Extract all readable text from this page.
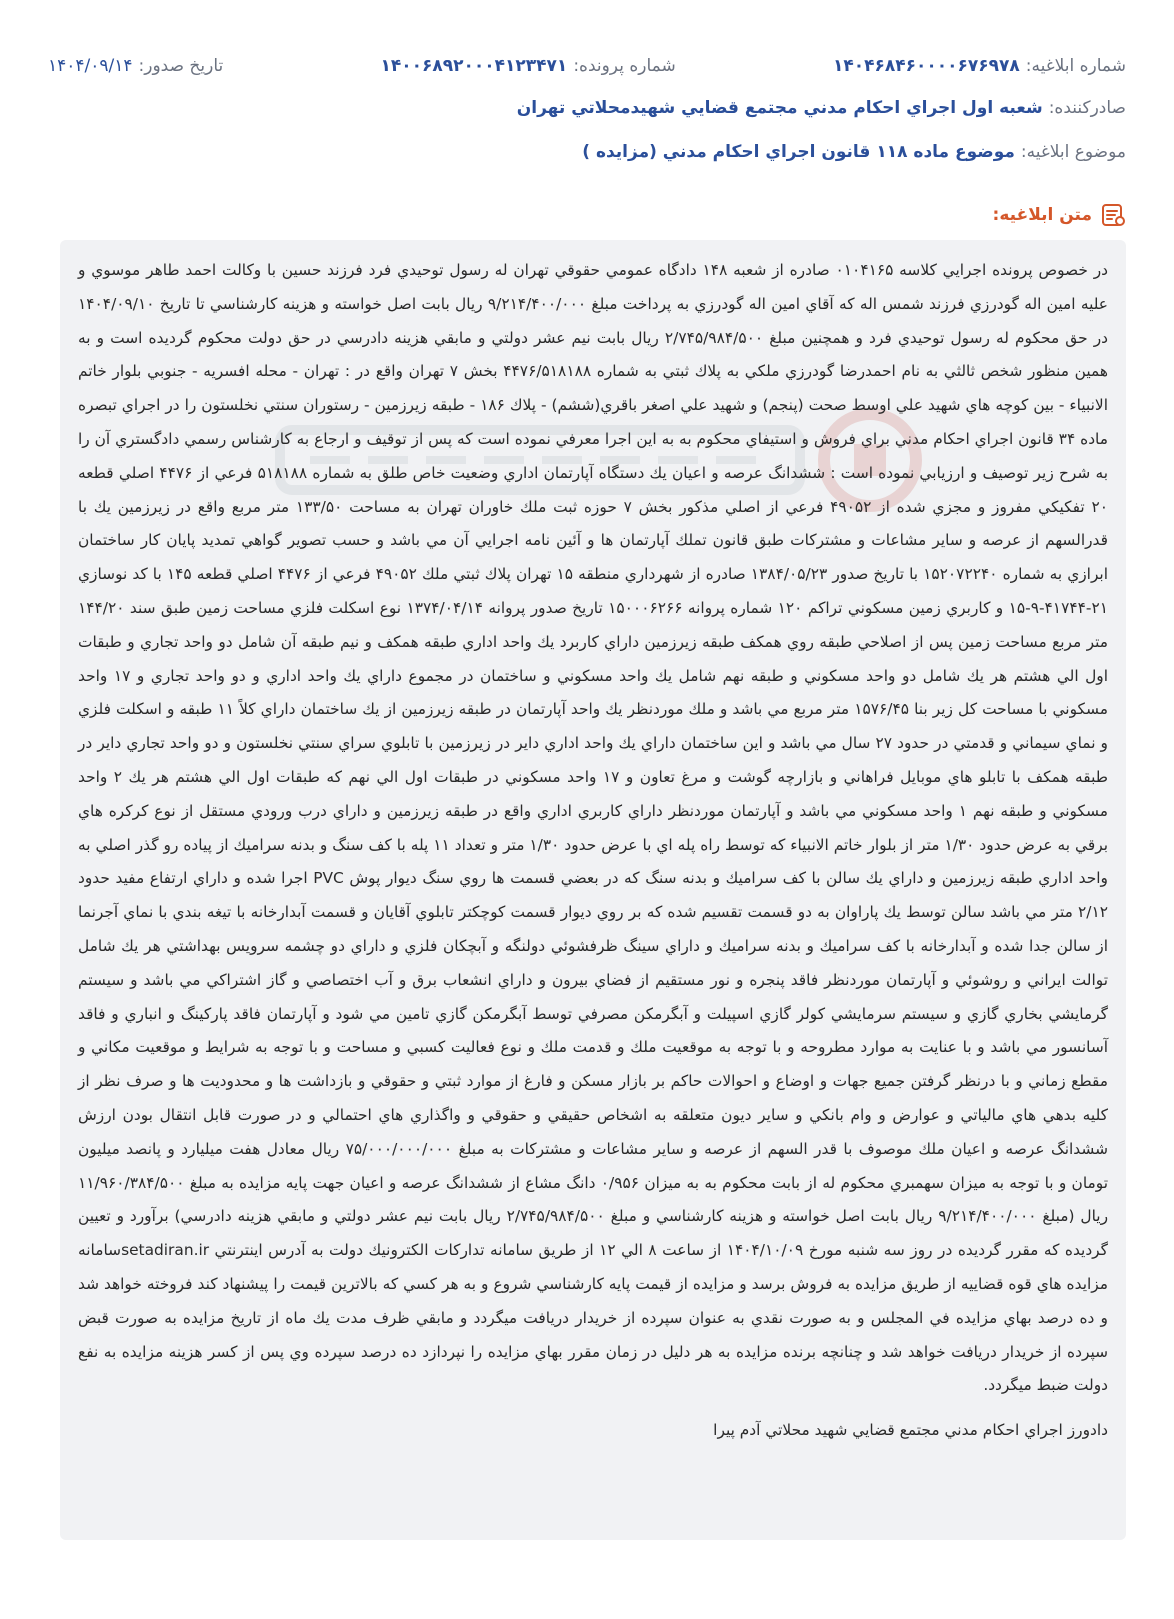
شماره ابلاغیه:
۱۴۰۴۶۸۴۶۰۰۰۰۶۷۶۹۷۸
شماره پرونده:
۱۴۰۰۶۸۹۲۰۰۰۴۱۲۳۴۷۱
تاریخ صدور:
۱۴۰۴/۰۹/۱۴
صادرکننده:
شعبه اول اجراي احكام مدني مجتمع قضايي شهيدمحلاتي تهران
موضوع ابلاغیه:
موضوع ماده ۱۱۸ قانون اجراي احكام مدني (مزايده )
متن ابلاغیه:

در خصوص پرونده اجرايي كلاسه ۰۱۰۴۱۶۵ صادره از شعبه ۱۴۸ دادگاه عمومي حقوقي تهران له رسول توحيدي فرد فرزند حسين با وكالت احمد طاهر موسوي و عليه امين اله گودرزي فرزند شمس اله كه آقاي امين اله گودرزي به پرداخت مبلغ ۹/۲۱۴/۴۰۰/۰۰۰ ريال بابت اصل خواسته و هزينه كارشناسي تا تاريخ ۱۴۰۴/۰۹/۱۰ در حق محكوم له رسول توحيدي فرد و همچنين مبلغ ۲/۷۴۵/۹۸۴/۵۰۰ ريال بابت نيم عشر دولتي و مابقي هزينه دادرسي در حق دولت محكوم گرديده است و به همين منظور شخص ثالثي به نام احمدرضا گودرزي ملكي به پلاك ثبتي به شماره ۴۴۷۶/۵۱۸۱۸۸ بخش ۷ تهران واقع در : تهران - محله افسريه - جنوبي بلوار خاتم الانبياء - بين كوچه هاي شهيد علي اوسط صحت (پنجم) و شهيد علي اصغر باقري(ششم) - پلاك ۱۸۶ - طبقه زيرزمين - رستوران سنتي نخلستون را در اجراي تبصره ماده ۳۴ قانون اجراي احكام مدني براي فروش و استيفاي محكوم به به اين اجرا معرفي نموده است كه پس از توقيف و ارجاع به كارشناس رسمي دادگستري آن را به شرح زير توصيف و ارزيابي نموده است : ششدانگ عرصه و اعيان يك دستگاه آپارتمان اداري وضعيت خاص طلق به شماره ۵۱۸۱۸۸ فرعي از ۴۴۷۶ اصلي قطعه ۲۰ تفكيكي مفروز و مجزي شده از ۴۹۰۵۲ فرعي از اصلي مذكور بخش ۷ حوزه ثبت ملك خاوران تهران به مساحت ۱۳۳/۵۰ متر مربع واقع در زيرزمين يك با قدرالسهم از عرصه و ساير مشاعات و مشتركات طبق قانون تملك آپارتمان ها و آئين نامه اجرايي آن مي باشد و حسب تصوير گواهي تمديد پايان كار ساختمان ابرازي به شماره ۱۵۲۰۷۲۲۴۰ با تاريخ صدور ۱۳۸۴/۰۵/۲۳ صادره از شهرداري منطقه ۱۵ تهران پلاك ثبتي ملك ۴۹۰۵۲ فرعي از ۴۴۷۶ اصلي قطعه ۱۴۵ با كد نوسازي ۲۱-۴۱۷۴۴-۹-۱۵ و كاربري زمين مسكوني تراكم ۱۲۰ شماره پروانه ۱۵۰۰۰۶۲۶۶ تاريخ صدور پروانه ۱۳۷۴/۰۴/۱۴ نوع اسكلت فلزي مساحت زمين طبق سند ۱۴۴/۲۰ متر مربع مساحت زمين پس از اصلاحي طبقه روي همكف طبقه زيرزمين داراي كاربرد يك واحد اداري طبقه همكف و نيم طبقه آن شامل دو واحد تجاري و طبقات اول الي هشتم هر يك شامل دو واحد مسكوني و طبقه نهم شامل يك واحد مسكوني و ساختمان در مجموع داراي يك واحد اداري و دو واحد تجاري و ۱۷ واحد مسكوني با مساحت كل زير بنا ۱۵۷۶/۴۵ متر مربع مي باشد و ملك موردنظر يك واحد آپارتمان در طبقه زيرزمين از يك ساختمان داراي كلاً ۱۱ طبقه و اسكلت فلزي و نماي سيماني و قدمتي در حدود ۲۷ سال مي باشد و اين ساختمان داراي يك واحد اداري داير در زيرزمين با تابلوي سراي سنتي نخلستون و دو واحد تجاري داير در طبقه همكف با تابلو هاي موبايل فراهاني و بازارچه گوشت و مرغ تعاون و ۱۷ واحد مسكوني در طبقات اول الي نهم كه طبقات اول الي هشتم هر يك ۲ واحد مسكوني و طبقه نهم ۱ واحد مسكوني مي باشد و آپارتمان موردنظر داراي كاربري اداري واقع در طبقه زيرزمين و داراي درب ورودي مستقل از نوع كركره هاي برقي به عرض حدود ۱/۳۰ متر از بلوار خاتم الانبياء كه توسط راه پله اي با عرض حدود ۱/۳۰ متر و تعداد ۱۱ پله با كف سنگ و بدنه سراميك از پياده رو گذر اصلي به واحد اداري طبقه زيرزمين و داراي يك سالن با كف سراميك و بدنه سنگ كه در بعضي قسمت ها روي سنگ ديوار پوش PVC اجرا شده و داراي ارتفاع مفيد حدود ۲/۱۲ متر مي باشد سالن توسط يك پاراوان به دو قسمت تقسيم شده كه بر روي ديوار قسمت كوچكتر تابلوي آقايان و قسمت آبدارخانه با تيغه بندي با نماي آجرنما از سالن جدا شده و آبدارخانه با كف سراميك و بدنه سراميك و داراي سينگ ظرفشوئي دولنگه و آبچكان فلزي و داراي دو چشمه سرويس بهداشتي هر يك شامل توالت ايراني و روشوئي و آپارتمان موردنظر فاقد پنجره و نور مستقيم از فضاي بيرون و داراي انشعاب برق و آب اختصاصي و گاز اشتراكي مي باشد و سيستم گرمايشي بخاري گازي و سيستم سرمايشي كولر گازي اسپيلت و آبگرمكن مصرفي توسط آبگرمكن گازي تامين مي شود و آپارتمان فاقد پاركينگ و انباري و فاقد آسانسور مي باشد و با عنايت به موارد مطروحه و با توجه به موقعيت ملك و قدمت ملك و نوع فعاليت كسبي و مساحت و با توجه به شرايط و موقعيت مكاني و مقطع زماني و با درنظر گرفتن جميع جهات و اوضاع و احوالات حاكم بر بازار مسكن و فارغ از موارد ثبتي و حقوقي و بازداشت ها و محدوديت ها و صرف نظر از كليه بدهي هاي مالياتي و عوارض و وام بانكي و ساير ديون متعلقه به اشخاص حقيقي و حقوقي و واگذاري هاي احتمالي و در صورت قابل انتقال بودن ارزش ششدانگ عرصه و اعيان ملك موصوف با قدر السهم از عرصه و ساير مشاعات و مشتركات به مبلغ ۷۵/۰۰۰/۰۰۰/۰۰۰ ريال معادل هفت ميليارد و پانصد ميليون تومان و با توجه به ميزان سهمبري محكوم له از بابت محكوم به به ميزان ۰/۹۵۶ دانگ مشاع از ششدانگ عرصه و اعيان جهت پايه مزايده به مبلغ ۱۱/۹۶۰/۳۸۴/۵۰۰ ريال (مبلغ ۹/۲۱۴/۴۰۰/۰۰۰ ريال بابت اصل خواسته و هزينه كارشناسي و مبلغ ۲/۷۴۵/۹۸۴/۵۰۰ ريال بابت نيم عشر دولتي و مابقي هزينه دادرسي) برآورد و تعيين گرديده كه مقرر گرديده در روز سه شنبه مورخ ۱۴۰۴/۱۰/۰۹ از ساعت ۸ الي ۱۲ از طريق سامانه تداركات الكترونيك دولت به آدرس اينترنتي setadiran.irسامانه مزايده هاي قوه قضاييه از طريق مزايده به فروش برسد و مزايده از قيمت پايه كارشناسي شروع و به هر كسي كه بالاترين قيمت را پيشنهاد كند فروخته خواهد شد و ده درصد بهاي مزايده في المجلس و به صورت نقدي به عنوان سپرده از خريدار دريافت ميگردد و مابقي ظرف مدت يك ماه از تاريخ مزايده به صورت قبض سپرده از خريدار دريافت خواهد شد و چنانچه برنده مزايده به هر دليل در زمان مقرر بهاي مزايده را نپردازد ده درصد سپرده وي پس از كسر هزينه مزايده به نفع دولت ضبط ميگردد.

دادورز اجراي احكام مدني مجتمع قضايي شهيد محلاتي آدم پيرا
